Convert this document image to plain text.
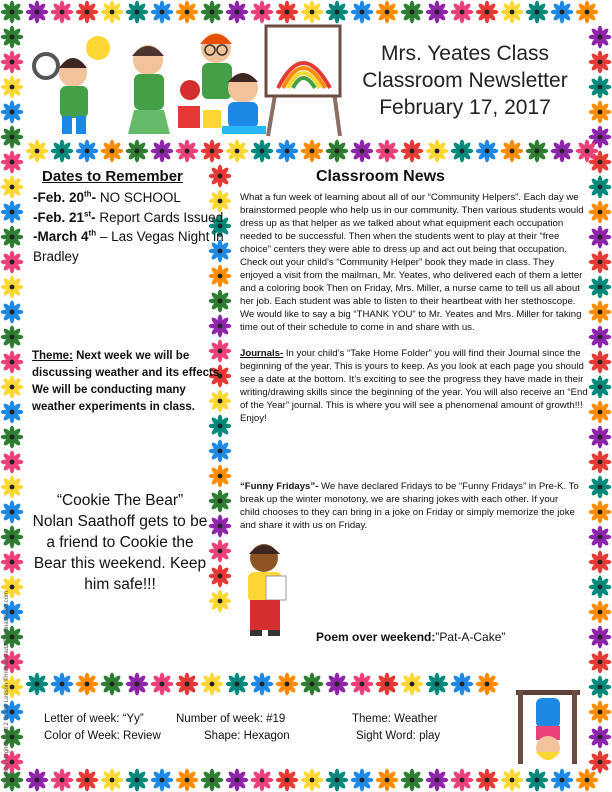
Mrs. Yeates Class
Classroom Newsletter
February 17, 2017
Dates to Remember
-Feb. 20th- NO SCHOOL
-Feb. 21st- Report Cards Issued
-March 4th – Las Vegas Night in Bradley
Theme: Next week we will be discussing weather and its effects. We will be conducting many weather experiments in class.
“Cookie The Bear”
Nolan Saathoff gets to be a friend to Cookie the Bear this weekend. Keep him safe!!!
©Ashley Hughes Tied 2 Grade Lesson ©melonheadz © toonasfaces.com
Classroom News

What a fun week of learning about all of our “Community Helpers”. Each day we brainstormed people who help us in our community. Then various students would dress up as that helper as we talked about what equipment each occupation needed to be successful. Then when the students went to play at their “free choice” centers they were able to dress up and act out being that occupation. Check out your child’s “Community Helper” book they made in class. They enjoyed a visit from the mailman, Mr. Yeates, who delivered each of them a letter and a coloring book Then on Friday, Mrs. Miller, a nurse came to tell us all about her job. Each student was able to listen to their heartbeat with her stethoscope.

We would like to say a big “THANK YOU” to Mr. Yeates and Mrs. Miller for taking time out of their schedule to come in and share with us.

Journals- In your child’s “Take Home Folder” you will find their Journal since the beginning of the year. This is yours to keep. As you look at each page you should see a date at the bottom. It’s exciting to see the progress they have made in their writing/drawing skills since the beginning of the year. You will also receive an “End of the Year” journal. This is where you will see a phenomenal amount of growth!!! Enjoy!

“Funny Fridays”- We have declared Fridays to be “Funny Fridays” in Pre-K. To break up the winter monotony, we are sharing jokes with each other. If your child chooses to they can bring in a joke on Friday or simply memorize the joke and share it with us on Friday.
Poem over weekend:”Pat-A-Cake”
Letter of week: “Yy”	Number of week: #19	Theme: Weather
Color of Week: Review	Shape: Hexagon	Sight Word: play
